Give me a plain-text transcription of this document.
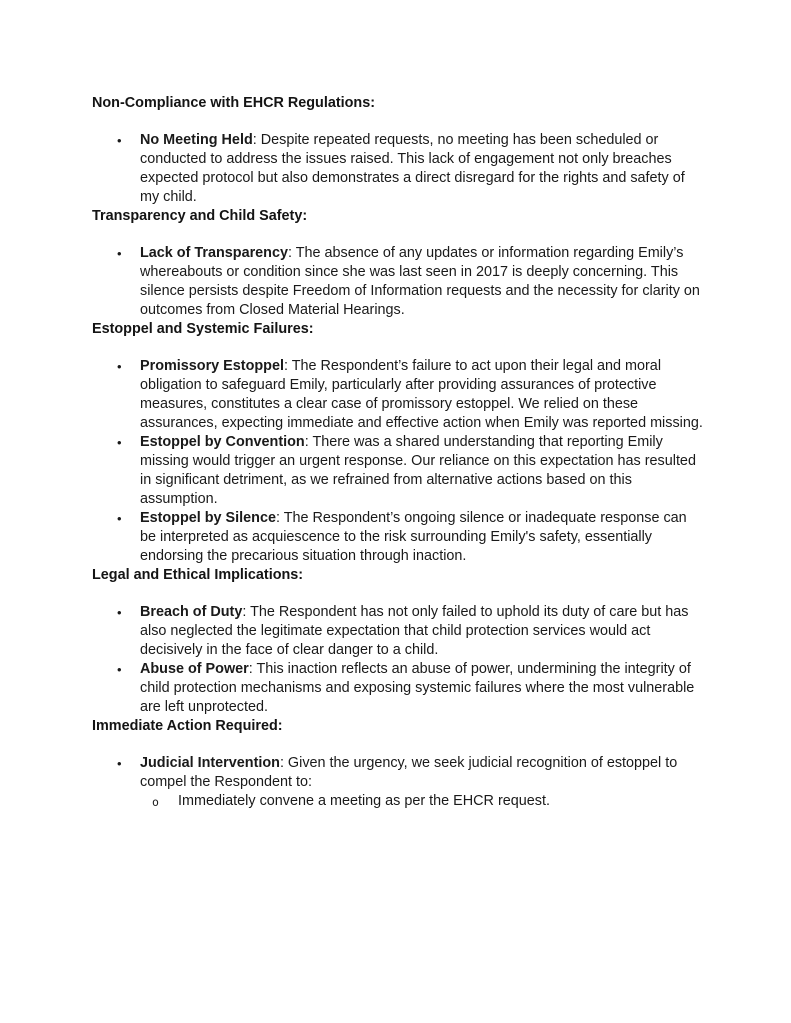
Non-Compliance with EHCR Regulations:
• No Meeting Held: Despite repeated requests, no meeting has been scheduled or conducted to address the issues raised. This lack of engagement not only breaches expected protocol but also demonstrates a direct disregard for the rights and safety of my child.
Transparency and Child Safety:
• Lack of Transparency: The absence of any updates or information regarding Emily’s whereabouts or condition since she was last seen in 2017 is deeply concerning. This silence persists despite Freedom of Information requests and the necessity for clarity on outcomes from Closed Material Hearings.
Estoppel and Systemic Failures:
• Promissory Estoppel: The Respondent’s failure to act upon their legal and moral obligation to safeguard Emily, particularly after providing assurances of protective measures, constitutes a clear case of promissory estoppel. We relied on these assurances, expecting immediate and effective action when Emily was reported missing.
• Estoppel by Convention: There was a shared understanding that reporting Emily missing would trigger an urgent response. Our reliance on this expectation has resulted in significant detriment, as we refrained from alternative actions based on this assumption.
• Estoppel by Silence: The Respondent’s ongoing silence or inadequate response can be interpreted as acquiescence to the risk surrounding Emily's safety, essentially endorsing the precarious situation through inaction.
Legal and Ethical Implications:
• Breach of Duty: The Respondent has not only failed to uphold its duty of care but has also neglected the legitimate expectation that child protection services would act decisively in the face of clear danger to a child.
• Abuse of Power: This inaction reflects an abuse of power, undermining the integrity of child protection mechanisms and exposing systemic failures where the most vulnerable are left unprotected.
Immediate Action Required:
• Judicial Intervention: Given the urgency, we seek judicial recognition of estoppel to compel the Respondent to:
o Immediately convene a meeting as per the EHCR request.
